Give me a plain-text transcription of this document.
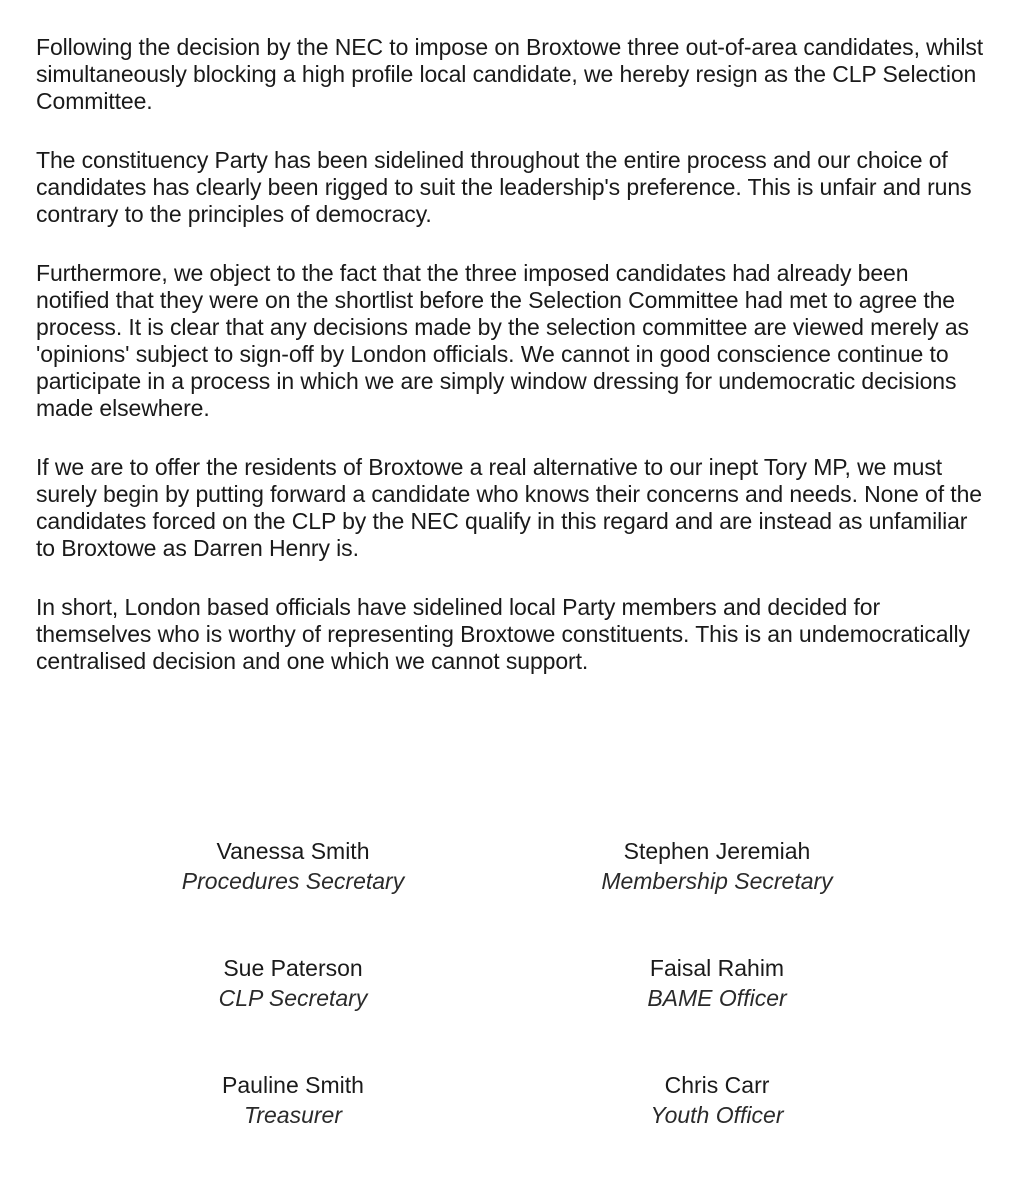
Following the decision by the NEC to impose on Broxtowe three out-of-area candidates, whilst simultaneously blocking a high profile local candidate, we hereby resign as the CLP Selection Committee.

The constituency Party has been sidelined throughout the entire process and our choice of candidates has clearly been rigged to suit the leadership's preference. This is unfair and runs contrary to the principles of democracy.

Furthermore, we object to the fact that the three imposed candidates had already been notified that they were on the shortlist before the Selection Committee had met to agree the process. It is clear that any decisions made by the selection committee are viewed merely as 'opinions' subject to sign-off by London officials. We cannot in good conscience continue to participate in a process in which we are simply window dressing for undemocratic decisions made elsewhere.

If we are to offer the residents of Broxtowe a real alternative to our inept Tory MP, we must surely begin by putting forward a candidate who knows their concerns and needs. None of the candidates forced on the CLP by the NEC qualify in this regard and are instead as unfamiliar to Broxtowe as Darren Henry is.

In short, London based officials have sidelined local Party members and decided for themselves who is worthy of representing Broxtowe constituents. This is an undemocratically centralised decision and one which we cannot support.

Vanessa Smith
Procedures Secretary
Stephen Jeremiah
Membership Secretary
Sue Paterson
CLP Secretary
Faisal Rahim
BAME Officer
Pauline Smith
Treasurer
Chris Carr
Youth Officer
